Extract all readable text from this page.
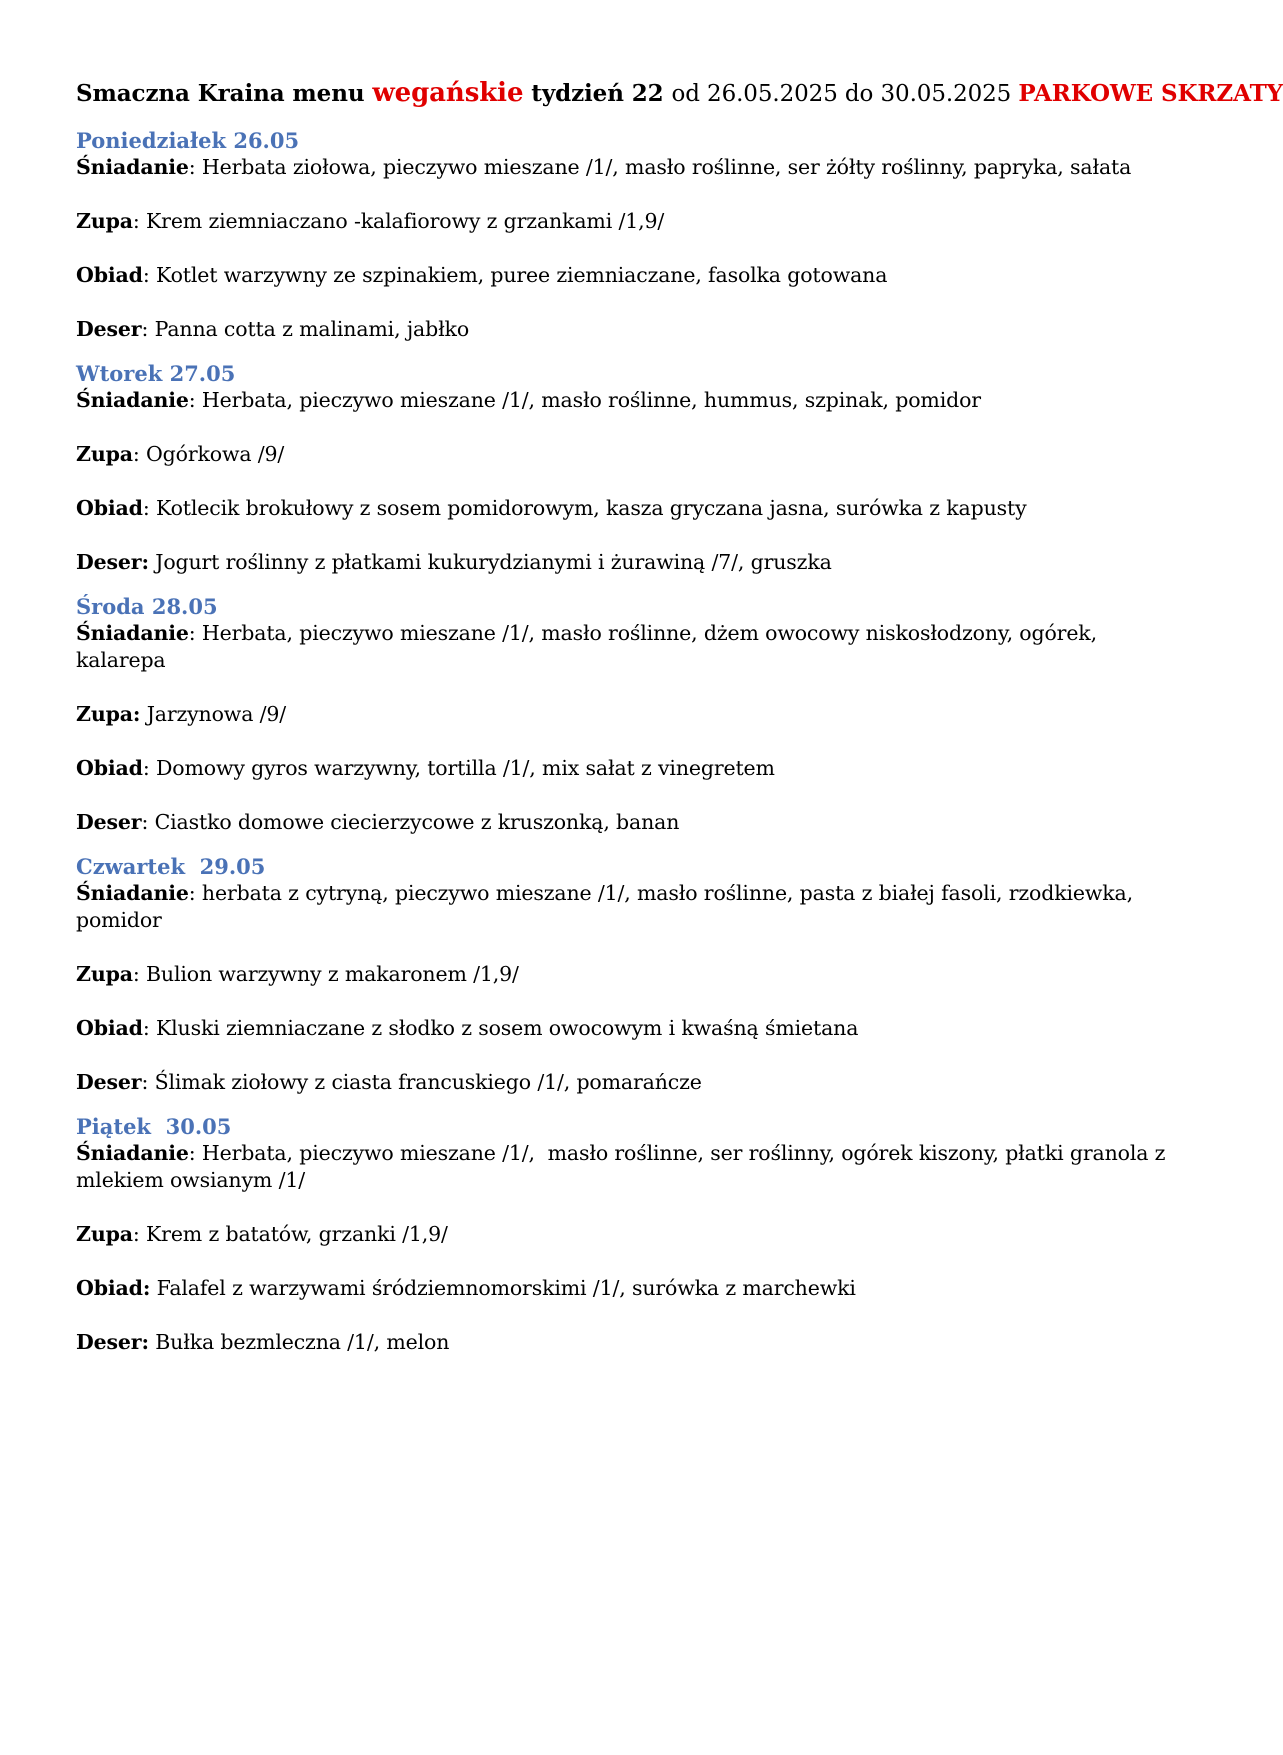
Smaczna Kraina menu wegańskie tydzień 22 od 26.05.2025 do 30.05.2025 PARKOWE SKRZATY
Poniedziałek 26.05
Śniadanie: Herbata ziołowa, pieczywo mieszane /1/, masło roślinne, ser żółty roślinny, papryka, sałata
Zupa: Krem ziemniaczano -kalafiorowy z grzankami /1,9/
Obiad: Kotlet warzywny ze szpinakiem, puree ziemniaczane, fasolka gotowana
Deser: Panna cotta z malinami, jabłko
Wtorek 27.05
Śniadanie: Herbata, pieczywo mieszane /1/, masło roślinne, hummus, szpinak, pomidor
Zupa: Ogórkowa /9/
Obiad: Kotlecik brokułowy z sosem pomidorowym, kasza gryczana jasna, surówka z kapusty
Deser: Jogurt roślinny z płatkami kukurydzianymi i żurawiną /7/, gruszka
Środa 28.05
Śniadanie: Herbata, pieczywo mieszane /1/, masło roślinne, dżem owocowy niskosłodzony, ogórek, kalarepa
Zupa: Jarzynowa /9/
Obiad: Domowy gyros warzywny, tortilla /1/, mix sałat z vinegretem
Deser: Ciastko domowe ciecierzycowe z kruszonką, banan
Czwartek  29.05
Śniadanie: herbata z cytryną, pieczywo mieszane /1/, masło roślinne, pasta z białej fasoli, rzodkiewka, pomidor
Zupa: Bulion warzywny z makaronem /1,9/
Obiad: Kluski ziemniaczane z słodko z sosem owocowym i kwaśną śmietana
Deser: Ślimak ziołowy z ciasta francuskiego /1/, pomarańcze
Piątek  30.05
Śniadanie: Herbata, pieczywo mieszane /1/,  masło roślinne, ser roślinny, ogórek kiszony, płatki granola z mlekiem owsianym /1/
Zupa: Krem z batatów, grzanki /1,9/
Obiad: Falafel z warzywami śródziemnomorskimi /1/, surówka z marchewki
Deser: Bułka bezmleczna /1/, melon
